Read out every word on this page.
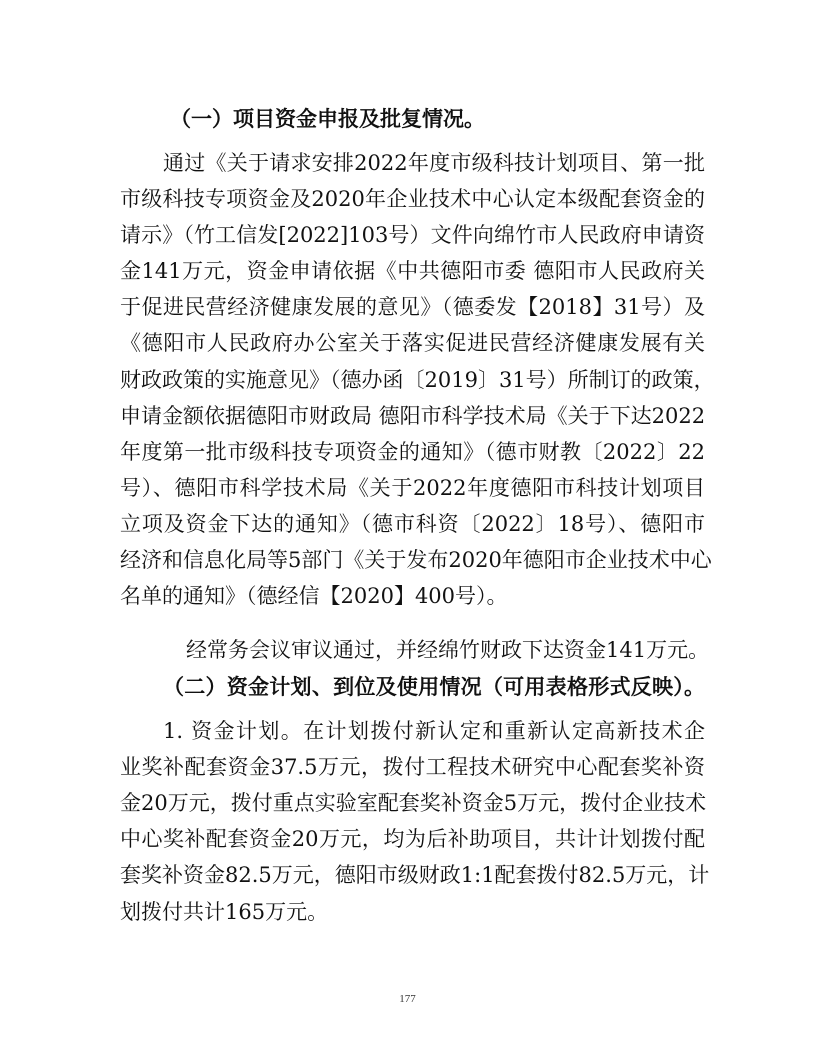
（一）项目资金申报及批复情况。
通过《关于请求安排2022年度市级科技计划项目、第一批
市级科技专项资金及2020年企业技术中心认定本级配套资金的
请示》（竹工信发[2022]103号）文件向绵竹市人民政府申请资
金141万元，资金申请依据《中共德阳市委 德阳市人民政府关
于促进民营经济健康发展的意见》（德委发【2018】31号）及
《德阳市人民政府办公室关于落实促进民营经济健康发展有关
财政政策的实施意见》（德办函〔2019〕31号）所制订的政策，
申请金额依据德阳市财政局 德阳市科学技术局《关于下达2022
年度第一批市级科技专项资金的通知》（德市财教〔2022〕22
号）、德阳市科学技术局《关于2022年度德阳市科技计划项目
立项及资金下达的通知》（德市科资〔2022〕18号）、德阳市
经济和信息化局等5部门《关于发布2020年德阳市企业技术中心
名单的通知》（德经信【2020】400号）。
经常务会议审议通过，并经绵竹财政下达资金141万元。
（二）资金计划、到位及使用情况（可用表格形式反映）。
1. 资金计划。在计划拨付新认定和重新认定高新技术企
业奖补配套资金37.5万元，拨付工程技术研究中心配套奖补资
金20万元，拨付重点实验室配套奖补资金5万元，拨付企业技术
中心奖补配套资金20万元，均为后补助项目，共计计划拨付配
套奖补资金82.5万元，德阳市级财政1:1配套拨付82.5万元，计
划拨付共计165万元。
177
